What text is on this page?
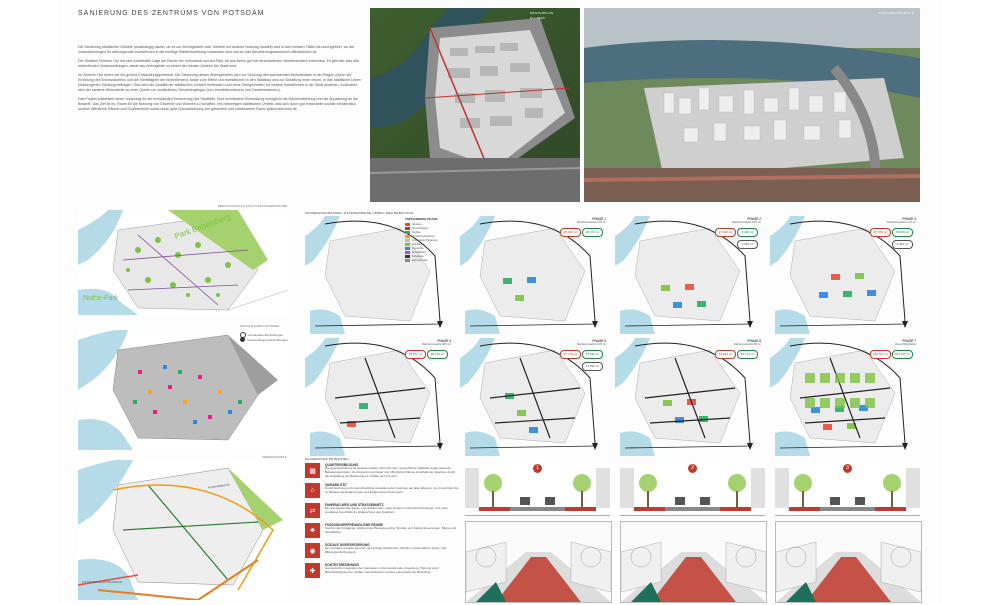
SANIERUNG DES ZENTRUMS VON POTSDAM

Die Sanierung städtischer Gebiete (unabhängig davon, ob es um Wohngebiete oder Gebiete mit anderer Nutzung handelt) wird in den meisten Fällen da durchgeführt, wo die Voraussetzungen für wirkungsvolle Investitionen in die künftige Stadtentwicklung vorhanden sind und wo das Bevölkerungswachstum offensichtlich ist.

Der Stadtteil Zentrum Ost hat eine vorteilhafte Lage am Rande der Innenstadt und am Park. Ist aus Berlin gut mit verschiedenen Verkehrsmitteln erreichbar. Es gibt hier also alle wesentlichen Voraussetzungen, damit das Wohngebiet zu einem der lokalen Zentren der Stadt wird.

Im Zentrum Ost sehen wir ein großes Entwicklungspotential. Die Sanierung dieses Wohngebietes wird zur Deckung des wachsenden Wohnbedarfs in der Region (durch die Erhöhung des Wohnvolumens und die Vielfältigkeit der Wohnformen), sowie zum Effekt von Investitionen in den Stadtbau und zur Schaffung einer neuen, in das städtische Leben einbezogenen Siedlung beitragen. Dies wird die Qualität der städtischen Umwelt verbessern und neue Gelegenheiten für weitere Investitionen in die Stadt anziehen. Außerdem wird der sanierte Wohnviertel zu einer Quelle von zusätzlichen Steuereingängen (von Immobiliensteuern und Gewerbesteuern).

Das Projekt präsentiert einen Vorschlag für die evolutionäre Erneuerung des Stadtteils. Eine schrittweise Entwicklung ermöglicht die Nachverdichtung und die Anpassung an die Bedarfe. Das Ziel ist es, Raum für die Nutzung von Gewerbe und Wohnen zu schaffen, mit vollwertigen städtischen Umfeld, das sich durch gut entwickelte soziale Infrastruktur, schöne öffentliche Räume und Grünbereiche sowie durch gute Durchmischung von gebautem und unbebautem Raum gekennzeichnet ist.

MASTERPLAN
M 1:5000
VOGELPERSPEKTIVE
BEBAUUNGSPLAN UND FUSSGÄNGERSTRÖME
Park Babelsberg
Nuthe-Park
SOZIALE EINRICHTUNGEN
vorhandene Einrichtungen
Vorgeschlagene Einrichtungen
VERKEHRSNETZ
Humboldtbrücke
POTSDAM HAUPTBAHNHOF
SANIERUNGSPHASEN. ETAPPENWEISE UMBAU DER BEBAUUNG
VORHANDENE PHASE
Sanieren
Abriss/Neubau
Neubau
Umbau/Aufstockung
Vorhandene Bebauung
Grünfläche
Gemeinde
Schulflächen
Fußgänger
Fahrradrouten
PHASE 1
Flächenzuwachs 10% m²
25.000 m²	38.272 m²
PHASE 2
Flächenzuwachs 15% m²
17.932 m²	5.400 m²
7.562 m²
PHASE 3
Flächenzuwachs 12% m²
37.553 m²	36.825 m²
5.482 m²
PHASE 4
Flächenzuwachs 18% m²
23.672 m²	48.716 m²
PHASE 5
Flächenzuwachs 10% m²
47.772 m²	43.595 m²
13.820 m²
PHASE 6
Flächenzuwachs 8% m²
42.645 m²	40.713 m²
PHASE 7
Neue Wohnfläche
225.527 m²	263.250 m²
SANIERUNGS PRINZIPIEN
▦
QUARTIERSBILDUNG
Die Quartiersbildung ist gewissermaßen durch die dem menschlichen Maßstab angemessenen Bebauungsstruktur, die Abgrenzung privater und öffentlicher Räume innerhalb der Quartiere durch die Gestaltung der Bebauung zur Straße und zum Hof.
⌂
VARIABILITÄT
Durchmischung und unterschiedliche Gestaltung der Quartiere auf allen Ebenen: von Innenhöfen bis zu Bebauungs-Ergänzungen und Erdgeschoss-Nutzungen.
⇄
FAHRRAD-WEG UND STRASSENNETZ
Ein durchgehendes Wege- und Straßennetz, unter anderem Fahrradverbindungen und mehr ansässige Geschäfte im Erdgeschoss des Quartiers.
♣
FUSSGÄNGERFREUNDLICHE RÄUME
Komfort der Fußgänger während der Bewegung über Straßen und Straßenkreuzungen, Bänke und Grünflächen.
◉
SOZIALE DIVERSIFIZIERUNG
Ein zentrales soziales Zentrum und soziale Infrastruktur (Schulen, Kindergärten, Sport- und Bildungseinrichtungen).
✚
KONTEXTBEZIEHUNG
Harmonische Integration der Neubauten in die bestehende Umgebung, Planung unter Berücksichtigung der Vielfalt, Gewohnheiten und des Lebensstils der Bewohner.
1	2	3
